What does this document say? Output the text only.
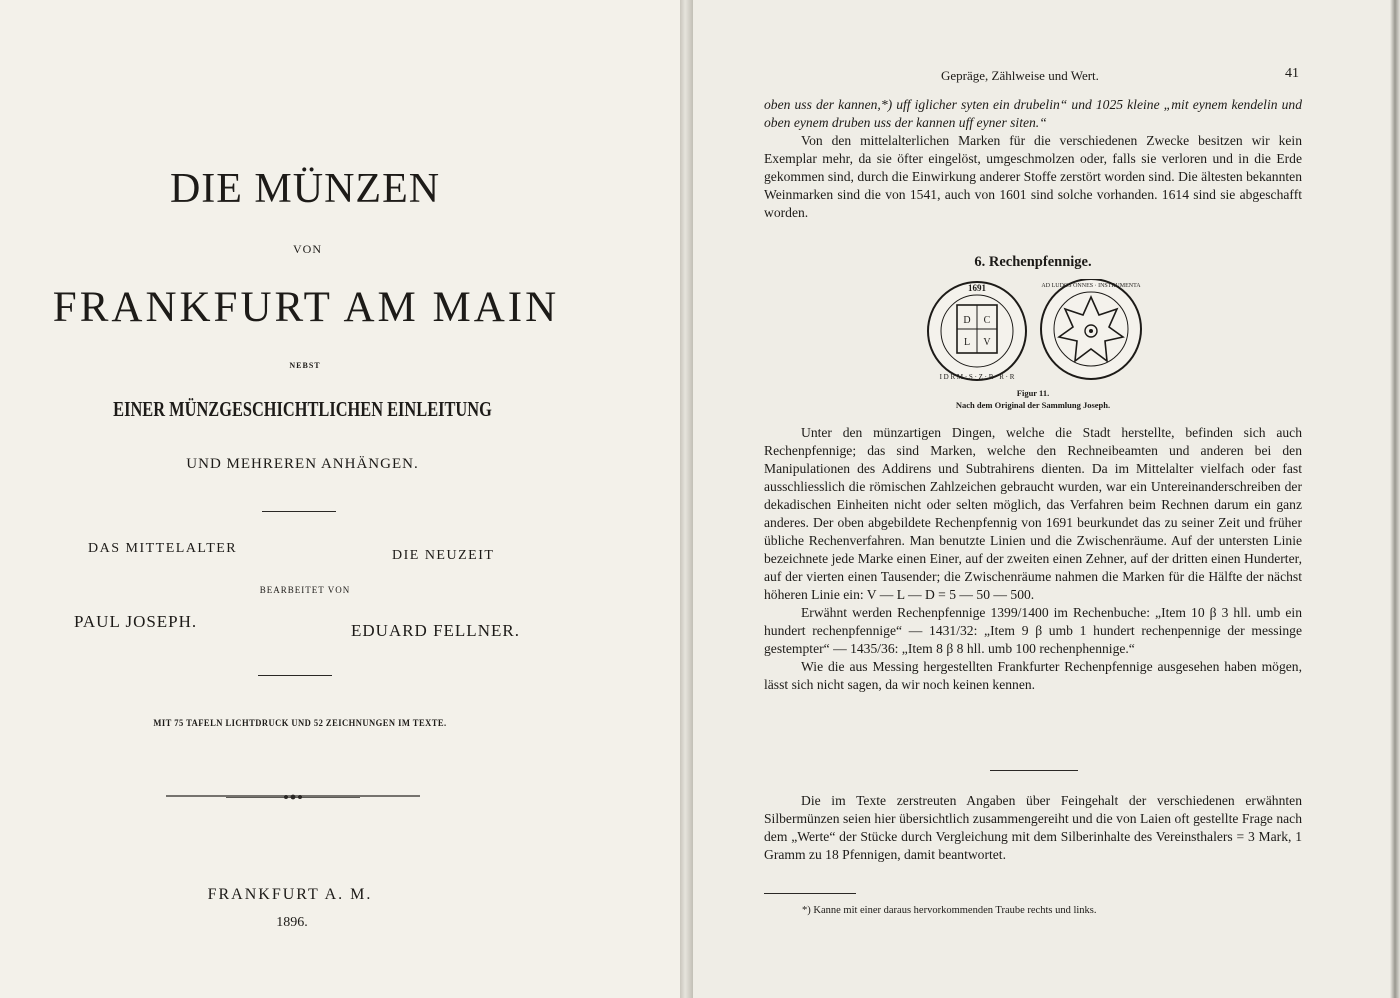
DIE MÜNZEN
VON
FRANKFURT AM MAIN
NEBST
EINER MÜNZGESCHICHTLICHEN EINLEITUNG
UND MEHREREN ANHÄNGEN.
DAS MITTELALTER	DIE NEUZEIT
BEARBEITET VON
PAUL JOSEPH.	EDUARD FELLNER.
MIT 75 TAFELN LICHTDRUCK UND 52 ZEICHNUNGEN IM TEXTE.
FRANKFURT A. M.
1896.
Gepräge, Zählweise und Wert.	41

oben uss der kannen,*) uff iglicher syten ein drubelin“ und 1025 kleine „mit eynem kendelin und oben eynem druben uss der kannen uff eyner siten.“

Von den mittelalterlichen Marken für die verschiedenen Zwecke besitzen wir kein Exemplar mehr, da sie öfter eingelöst, umgeschmolzen oder, falls sie verloren und in die Erde gekommen sind, durch die Einwirkung anderer Stoffe zerstört worden sind. Die ältesten bekannten Weinmarken sind die von 1541, auch von 1601 sind solche vorhanden. 1614 sind sie abgeschafft worden.

6. Rechenpfennige.
1691
D C
L V
I D R M · S · Z · R · R · R
AD LUDOS ONNES · INSTRUMENTA
Figur 11.
Nach dem Original der Sammlung Joseph.

Unter den münzartigen Dingen, welche die Stadt herstellte, befinden sich auch Rechenpfennige; das sind Marken, welche den Rechneibeamten und anderen bei den Manipulationen des Addirens und Subtrahirens dienten. Da im Mittelalter vielfach oder fast ausschliesslich die römischen Zahlzeichen gebraucht wurden, war ein Untereinanderschreiben der dekadischen Einheiten nicht oder selten möglich, das Verfahren beim Rechnen darum ein ganz anderes. Der oben abgebildete Rechenpfennig von 1691 beurkundet das zu seiner Zeit und früher übliche Rechenverfahren. Man benutzte Linien und die Zwischenräume. Auf der untersten Linie bezeichnete jede Marke einen Einer, auf der zweiten einen Zehner, auf der dritten einen Hunderter, auf der vierten einen Tausender; die Zwischenräume nahmen die Marken für die Hälfte der nächst höheren Linie ein: V — L — D = 5 — 50 — 500.

Erwähnt werden Rechenpfennige 1399/1400 im Rechenbuche: „Item 10 β 3 hll. umb ein hundert rechenpfennige“ — 1431/32: „Item 9 β umb 1 hundert rechenpennige der messinge gestempter“ — 1435/36: „Item 8 β 8 hll. umb 100 rechenphennige.“

Wie die aus Messing hergestellten Frankfurter Rechenpfennige ausgesehen haben mögen, lässt sich nicht sagen, da wir noch keinen kennen.

Die im Texte zerstreuten Angaben über Feingehalt der verschiedenen erwähnten Silbermünzen seien hier übersichtlich zusammengereiht und die von Laien oft gestellte Frage nach dem „Werte“ der Stücke durch Vergleichung mit dem Silberinhalte des Vereinsthalers = 3 Mark, 1 Gramm zu 18 Pfennigen, damit beantwortet.

*) Kanne mit einer daraus hervorkommenden Traube rechts und links.
